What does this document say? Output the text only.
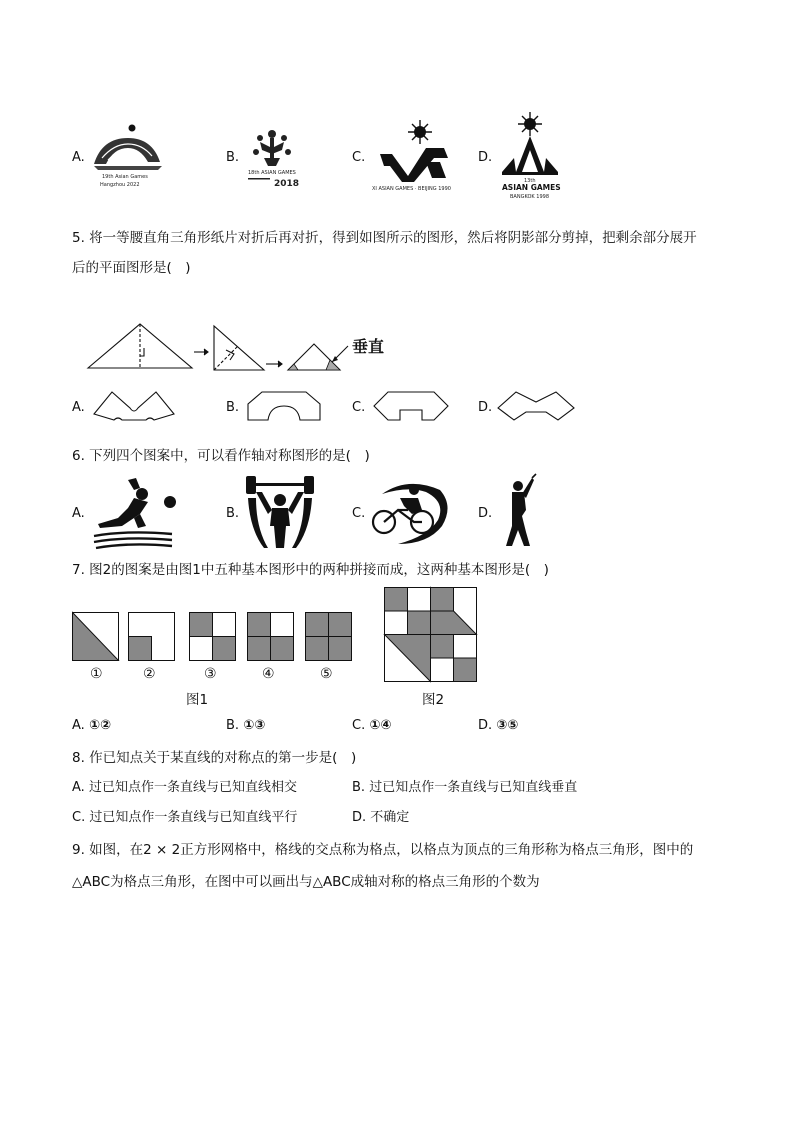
A.
19th Asian Games
Hangzhou 2022
B.
18th ASIAN GAMES
2018
C.
XI ASIAN GAMES · BEIJING 1990
D.
13th
ASIAN GAMES
BANGKOK 1998
5. 将一等腰直角三角形纸片对折后再对折，得到如图所示的图形，然后将阴影部分剪掉，把剩余部分展开
后的平面图形是(　)
垂直
A.	B.	C.	D.
6. 下列四个图案中，可以看作轴对称图形的是(　)
A.	B.	C.	D.
7. 图2的图案是由图1中五种基本图形中的两种拼接而成，这两种基本图形是(　)
①	②	③	④	⑤
图1	图2
A. ①②	B. ①③	C. ①④	D. ③⑤
8. 作已知点关于某直线的对称点的第一步是(　)
A. 过已知点作一条直线与已知直线相交	B. 过已知点作一条直线与已知直线垂直
C. 过已知点作一条直线与已知直线平行	D. 不确定
9. 如图，在2 × 2正方形网格中，格线的交点称为格点，以格点为顶点的三角形称为格点三角形，图中的
△ABC为格点三角形，在图中可以画出与△ABC成轴对称的格点三角形的个数为
